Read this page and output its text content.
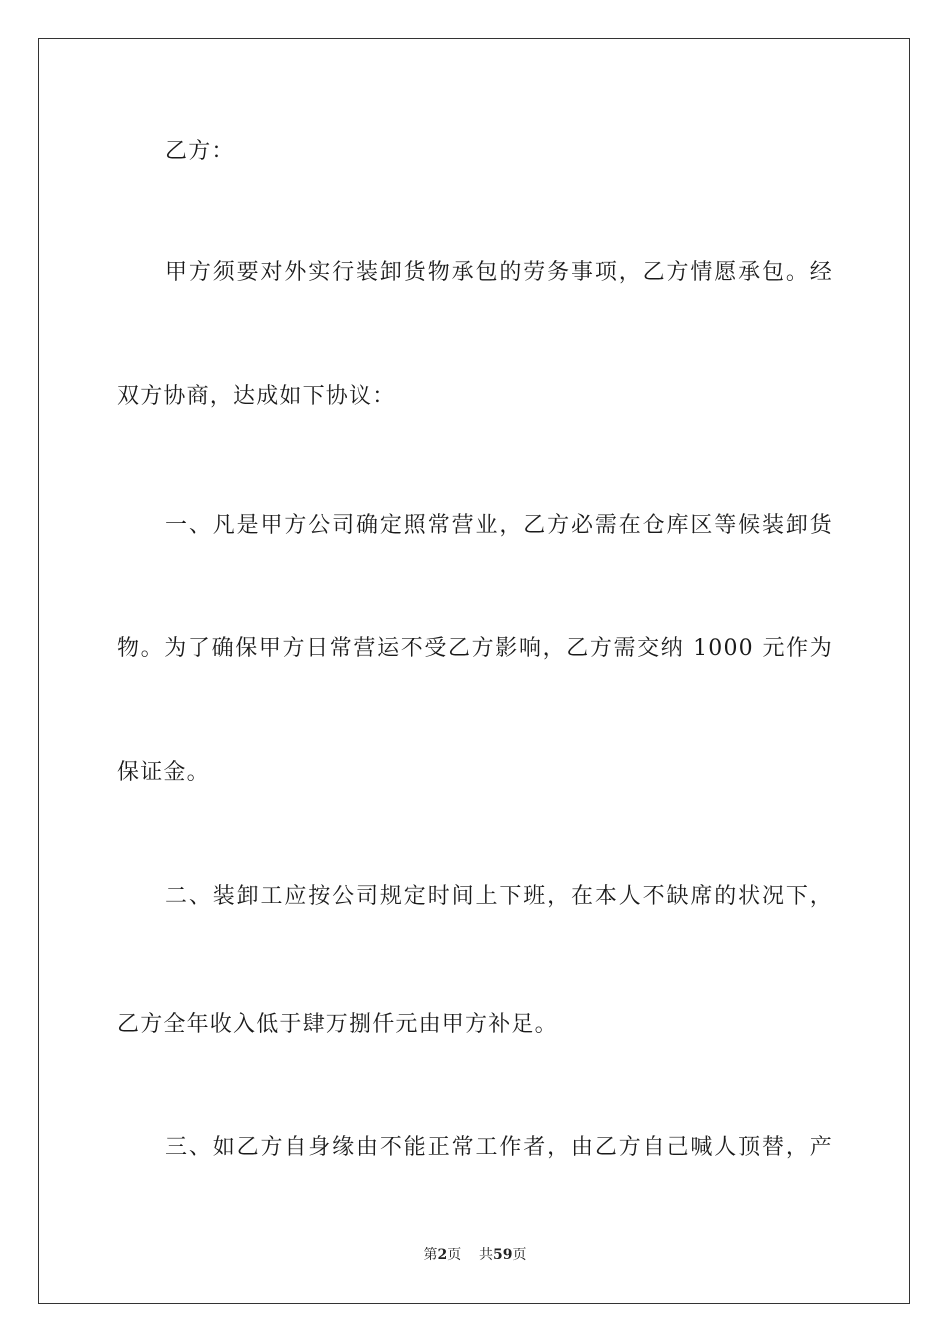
乙方：
甲方须要对外实行装卸货物承包的劳务事项，乙方情愿承包。经
双方协商，达成如下协议：
一、凡是甲方公司确定照常营业，乙方必需在仓库区等候装卸货
物。为了确保甲方日常营运不受乙方影响，乙方需交纳 1000 元作为
保证金。
二、装卸工应按公司规定时间上下班，在本人不缺席的状况下，
乙方全年收入低于肆万捌仟元由甲方补足。
三、如乙方自身缘由不能正常工作者，由乙方自己喊人顶替，产
第2页 共59页
